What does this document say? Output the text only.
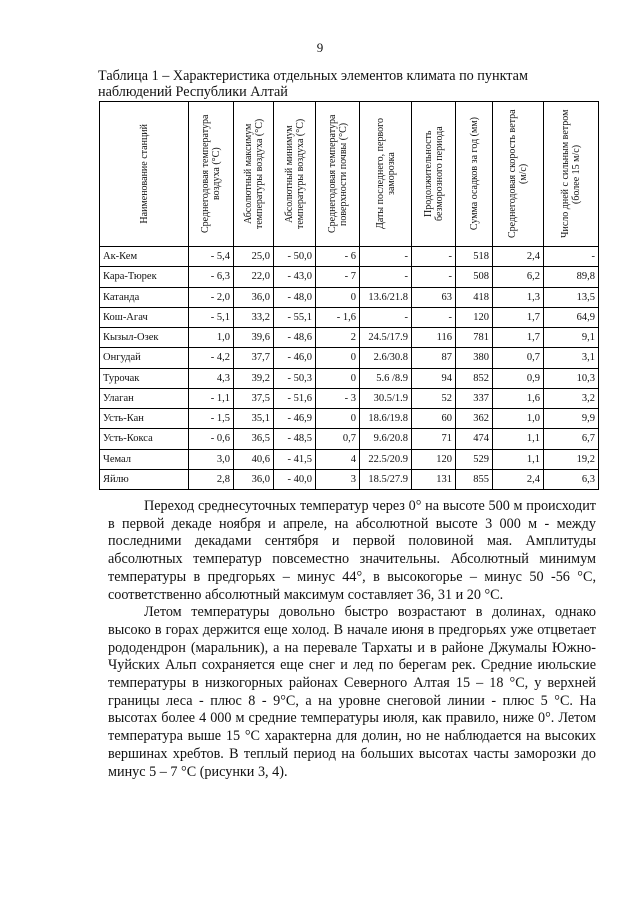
9
Таблица 1 – Характеристика отдельных элементов климата по пунктам наблюдений Республики Алтай
Наименование станций	Среднегодовая температура воздуха (°С)	Абсолютный максимум температуры воздуха (°С)	Абсолютный минимум температуры воздуха (°С)	Среднегодовая температура поверхности почвы (°С)	Даты последнего, первого заморозка	Продолжительность безморозного периода	Сумма осадков за год (мм)	Среднегодовая скорость ветра (м/с)	Число дней с сильным ветром (более 15 м/с)

Ак-Кем	- 5,4	25,0	- 50,0	- 6	-	-	518	2,4	-
Кара-Тюрек	- 6,3	22,0	- 43,0	- 7	-	-	508	6,2	89,8
Катанда	- 2,0	36,0	- 48,0	0	13.6/21.8	63	418	1,3	13,5
Кош-Агач	- 5,1	33,2	- 55,1	- 1,6	-	-	120	1,7	64,9
Кызыл-Озек	1,0	39,6	- 48,6	2	24.5/17.9	116	781	1,7	9,1
Онгудай	- 4,2	37,7	- 46,0	0	2.6/30.8	87	380	0,7	3,1
Турочак	4,3	39,2	- 50,3	0	5.6 /8.9	94	852	0,9	10,3
Улаган	- 1,1	37,5	- 51,6	- 3	30.5/1.9	52	337	1,6	3,2
Усть-Кан	- 1,5	35,1	- 46,9	0	18.6/19.8	60	362	1,0	9,9
Усть-Кокса	- 0,6	36,5	- 48,5	0,7	9.6/20.8	71	474	1,1	6,7
Чемал	3,0	40,6	- 41,5	4	22.5/20.9	120	529	1,1	19,2
Яйлю	2,8	36,0	- 40,0	3	18.5/27.9	131	855	2,4	6,3

Переход среднесуточных температур через 0° на высоте 500 м происходит в первой декаде ноября и апреле, на абсолютной высоте 3 000 м - между последними декадами сентября и первой половиной мая. Амплитуды абсолютных температур повсеместно значительны. Абсолютный минимум температуры в предгорьях – минус 44°, в высокогорье – минус 50 -56 °С, соответственно абсолютный максимум составляет 36, 31 и 20 °С.

Летом температуры довольно быстро возрастают в долинах, однако высоко в горах держится еще холод. В начале июня в предгорьях уже отцветает рододендрон (маральник), а на перевале Тархаты и в районе Джумалы Южно-Чуйских Альп сохраняется еще снег и лед по берегам рек. Средние июльские температуры в низкогорных районах Северного Алтая 15 – 18 °С, у верхней границы леса - плюс 8 - 9°С, а на уровне снеговой линии - плюс 5 °С. На высотах более 4 000 м средние температуры июля, как правило, ниже 0°. Летом температура выше 15 °С характерна для долин, но не наблюдается на высоких вершинах хребтов. В теплый период на больших высотах часты заморозки до минус 5 – 7 °С (рисунки 3, 4).
